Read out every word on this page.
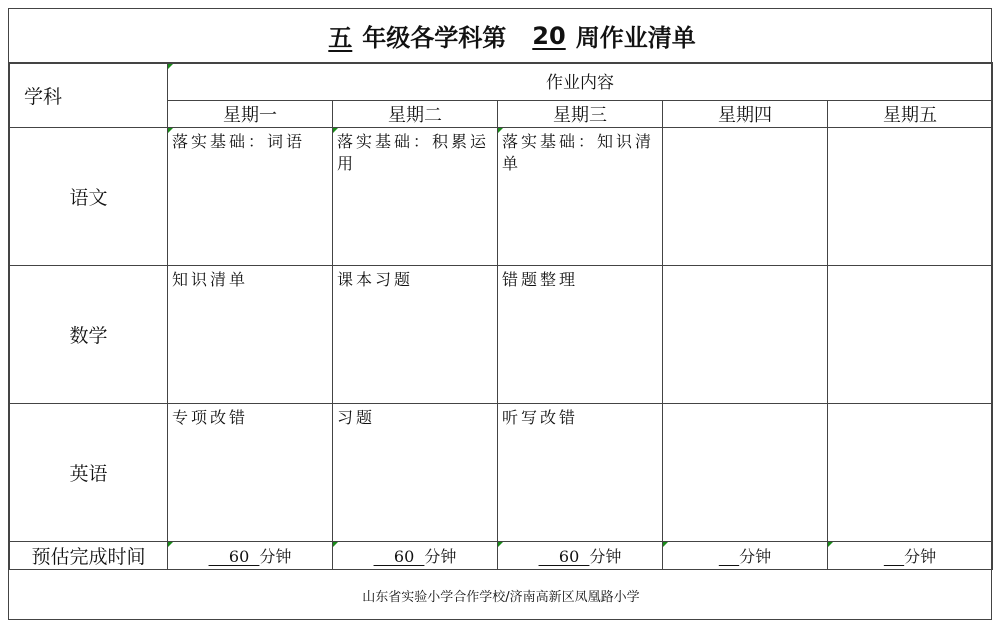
五 年级各学科第	20 周作业清单
学科	作业内容				
	星期一	星期二	星期三	星期四	星期五
语文	落实基础：词语	落实基础：积累运用	落实基础：知识清单		
数学	知识清单	课本习题	错题整理		
英语	专项改错	习题	听写改错		
预估完成时间	60  分钟	60  分钟	60  分钟	分钟	分钟
山东省实验小学合作学校/济南高新区凤凰路小学
